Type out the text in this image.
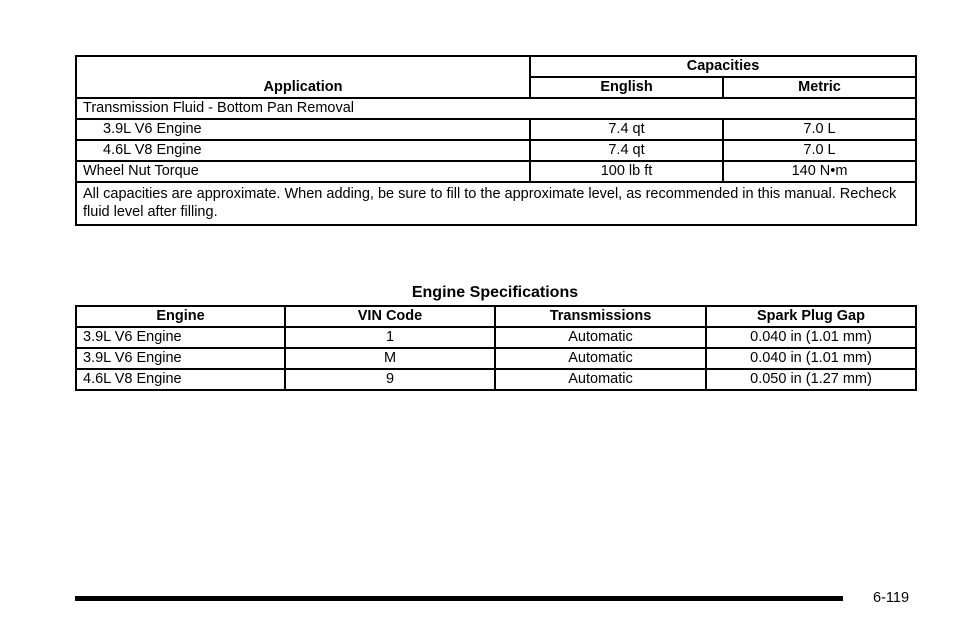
Application	Capacities	
	English	Metric
Transmission Fluid - Bottom Pan Removal		
3.9L V6 Engine	7.4 qt	7.0 L
4.6L V8 Engine	7.4 qt	7.0 L
Wheel Nut Torque	100 lb ft	140 N•m
All capacities are approximate. When adding, be sure to fill to the approximate level, as recommended in this manual. Recheck fluid level after filling.		
Engine Specifications
Engine	VIN Code	Transmissions	Spark Plug Gap
3.9L V6 Engine	1	Automatic	0.040 in (1.01 mm)
3.9L V6 Engine	M	Automatic	0.040 in (1.01 mm)
4.6L V8 Engine	9	Automatic	0.050 in (1.27 mm)
6-119
